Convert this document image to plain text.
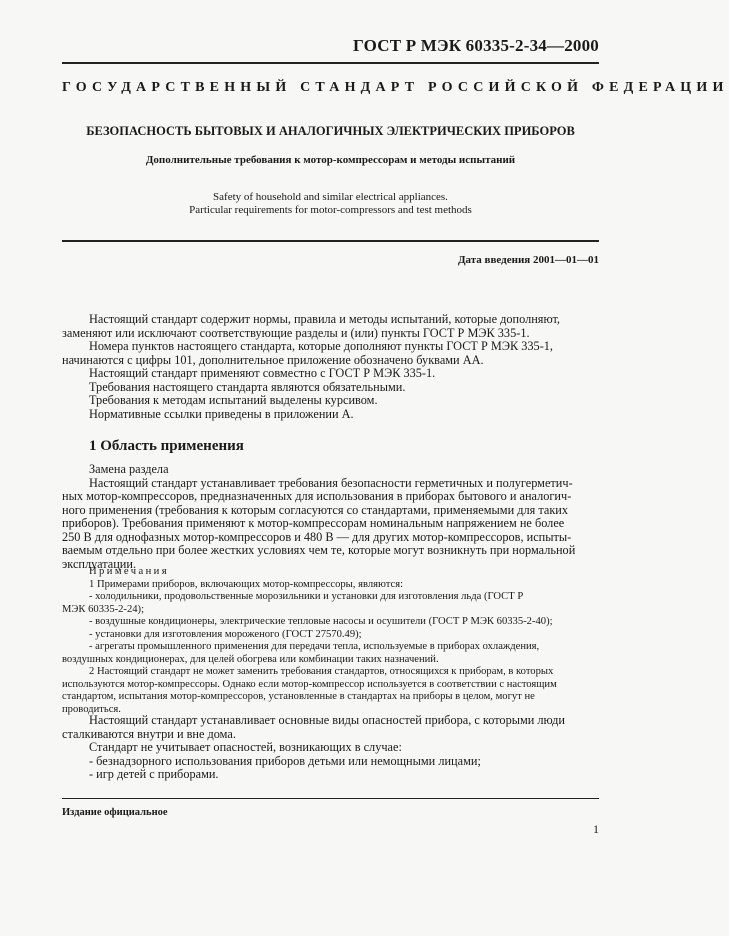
ГОСТ Р МЭК 60335-2-34—2000
ГОСУДАРСТВЕННЫЙ СТАНДАРТ РОССИЙСКОЙ ФЕДЕРАЦИИ
БЕЗОПАСНОСТЬ БЫТОВЫХ И АНАЛОГИЧНЫХ ЭЛЕКТРИЧЕСКИХ ПРИБОРОВ
Дополнительные требования к мотор-компрессорам и методы испытаний
Safety of household and similar electrical appliances.
Particular requirements for motor-compressors and test methods
Дата введения 2001—01—01
Настоящий стандарт содержит нормы, правила и методы испытаний, которые дополняют,
заменяют или исключают соответствующие разделы и (или) пункты ГОСТ Р МЭК 335-1.
Номера пунктов настоящего стандарта, которые дополняют пункты ГОСТ Р МЭК 335-1,
начинаются с цифры 101, дополнительное приложение обозначено буквами АА.
Настоящий стандарт применяют совместно с ГОСТ Р МЭК 335-1.
Требования настоящего стандарта являются обязательными.
Требования к методам испытаний выделены курсивом.
Нормативные ссылки приведены в приложении А.
1 Область применения
Замена раздела
Настоящий стандарт устанавливает требования безопасности герметичных и полугерметич-
ных мотор-компрессоров, предназначенных для использования в приборах бытового и аналогич-
ного применения (требования к которым согласуются со стандартами, применяемыми для таких
приборов). Требования применяют к мотор-компрессорам номинальным напряжением не более
250 В для однофазных мотор-компрессоров и 480 В — для других мотор-компрессоров, испыты-
ваемым отдельно при более жестких условиях чем те, которые могут возникнуть при нормальной
эксплуатации.
Примечания
1 Примерами приборов, включающих мотор-компрессоры, являются:
- холодильники, продовольственные морозильники и установки для изготовления льда (ГОСТ Р
МЭК 60335-2-24);
- воздушные кондиционеры, электрические тепловые насосы и осушители (ГОСТ Р МЭК 60335-2-40);
- установки для изготовления мороженого (ГОСТ 27570.49);
- агрегаты промышленного применения для передачи тепла, используемые в приборах охлаждения,
воздушных кондиционерах, для целей обогрева или комбинации таких назначений.
2 Настоящий стандарт не может заменить требования стандартов, относящихся к приборам, в которых
используются мотор-компрессоры. Однако если мотор-компрессор используется в соответствии с настоящим
стандартом, испытания мотор-компрессоров, установленные в стандартах на приборы в целом, могут не
проводиться.
Настоящий стандарт устанавливает основные виды опасностей прибора, с которыми люди
сталкиваются внутри и вне дома.
Стандарт не учитывает опасностей, возникающих в случае:
- безнадзорного использования приборов детьми или немощными лицами;
- игр детей с приборами.
Издание официальное
1
